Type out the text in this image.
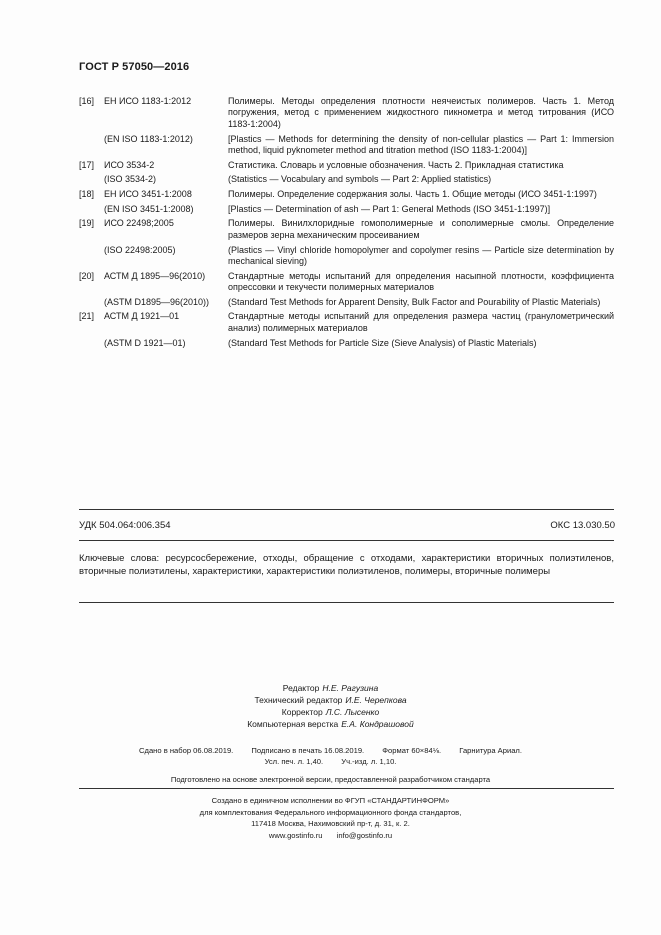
ГОСТ Р 57050—2016
[16]	ЕН ИСО 1183-1:2012	Полимеры. Методы определения плотности неячеистых полимеров. Часть 1. Метод погружения, метод с применением жидкостного пикнометра и метод титрования (ИСО 1183-1:2004)
(EN ISO 1183-1:2012)	[Plastics — Methods for determining the density of non-cellular plastics — Part 1: Immersion method, liquid pyknometer method and titration method (ISO 1183-1:2004)]
[17]	ИСО 3534-2	Статистика. Словарь и условные обозначения. Часть 2. Прикладная статистика
(ISO 3534-2)	(Statistics — Vocabulary and symbols — Part 2: Applied statistics)
[18]	ЕН ИСО 3451-1:2008	Полимеры. Определение содержания золы. Часть 1. Общие методы (ИСО 3451-1:1997)
(EN ISO 3451-1:2008)	[Plastics — Determination of ash — Part 1: General Methods (ISO 3451-1:1997)]
[19]	ИСО 22498;2005	Полимеры. Винилхлоридные гомополимерные и сополимерные смолы. Определение размеров зерна механическим просеиванием
(ISO 22498:2005)	(Plastics — Vinyl chloride homopolymer and copolymer resins — Particle size determination by mechanical sieving)
[20]	АСТМ Д 1895—96(2010)	Стандартные методы испытаний для определения насыпной плотности, коэффициента опрессовки и текучести полимерных материалов
(ASTM D1895—96(2010))	(Standard Test Methods for Apparent Density, Bulk Factor and Pourability of Plastic Materials)
[21]	АСТМ Д 1921—01	Стандартные методы испытаний для определения размера частиц (гранулометрический анализ) полимерных материалов
(ASTM D 1921—01)	(Standard Test Methods for Particle Size (Sieve Analysis) of Plastic Materials)
УДК 504.064:006.354	ОКС 13.030.50
Ключевые слова: ресурсосбережение, отходы, обращение с отходами, характеристики вторичных полиэтиленов, вторичные полиэтилены, характеристики, характеристики полиэтиленов, полимеры, вторичные полимеры
Редактор Н.Е. Рагузина
Технический редактор И.Е. Черепкова
Корректор Л.С. Лысенко
Компьютерная верстка Е.А. Кондрашовой
Сдано в набор 06.08.2019. Подписано в печать 16.08.2019. Формат 60×84⅛. Гарнитура Ариал.
Усл. печ. л. 1,40. Уч.-изд. л. 1,10.
Подготовлено на основе электронной версии, предоставленной разработчиком стандарта
Создано в единичном исполнении во ФГУП «СТАНДАРТИНФОРМ»
для комплектования Федерального информационного фонда стандартов,
117418 Москва, Нахимовский пр-т, д. 31, к. 2.
www.gostinfo.ru info@gostinfo.ru
